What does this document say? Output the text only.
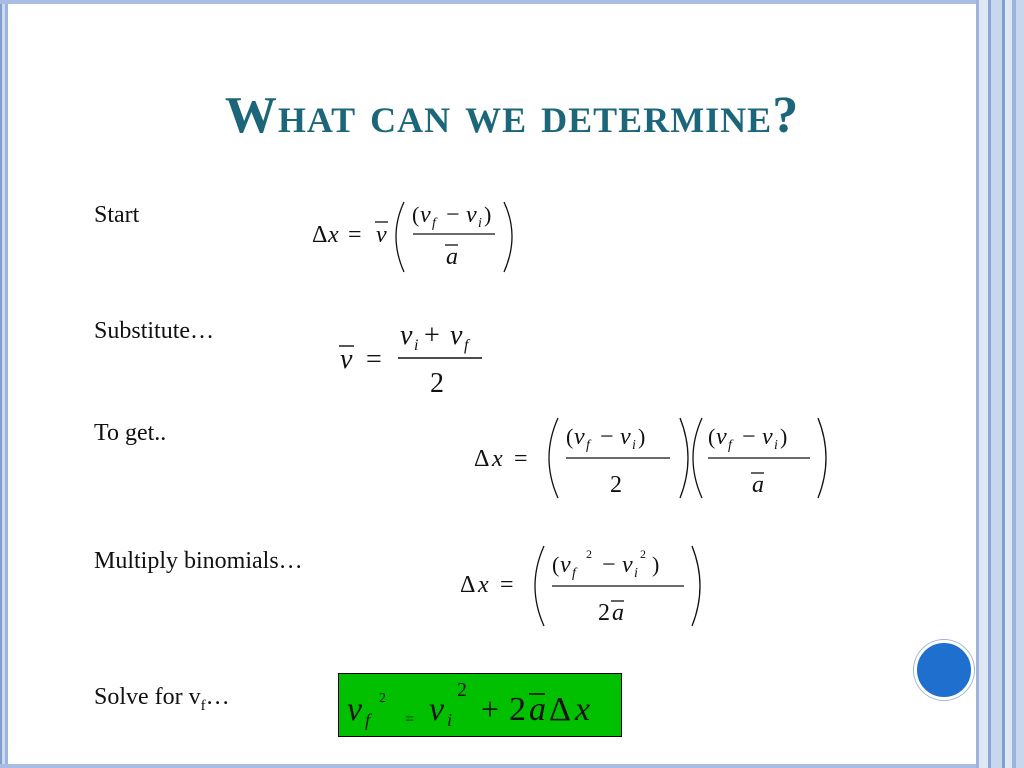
What can we determine?
Start
Substitute…
To get..
Multiply binomials…
Solve for $v_f\dots$
Δ x = v
( v f − v i )
a
v =
v i + v f
2
Δ x =
( v f − v i )
2
( v f − v i )
a
Δ x =
( v f
2 − v i
2 )
2 a
v f
2
= v i
2
+ 2 a Δ x
